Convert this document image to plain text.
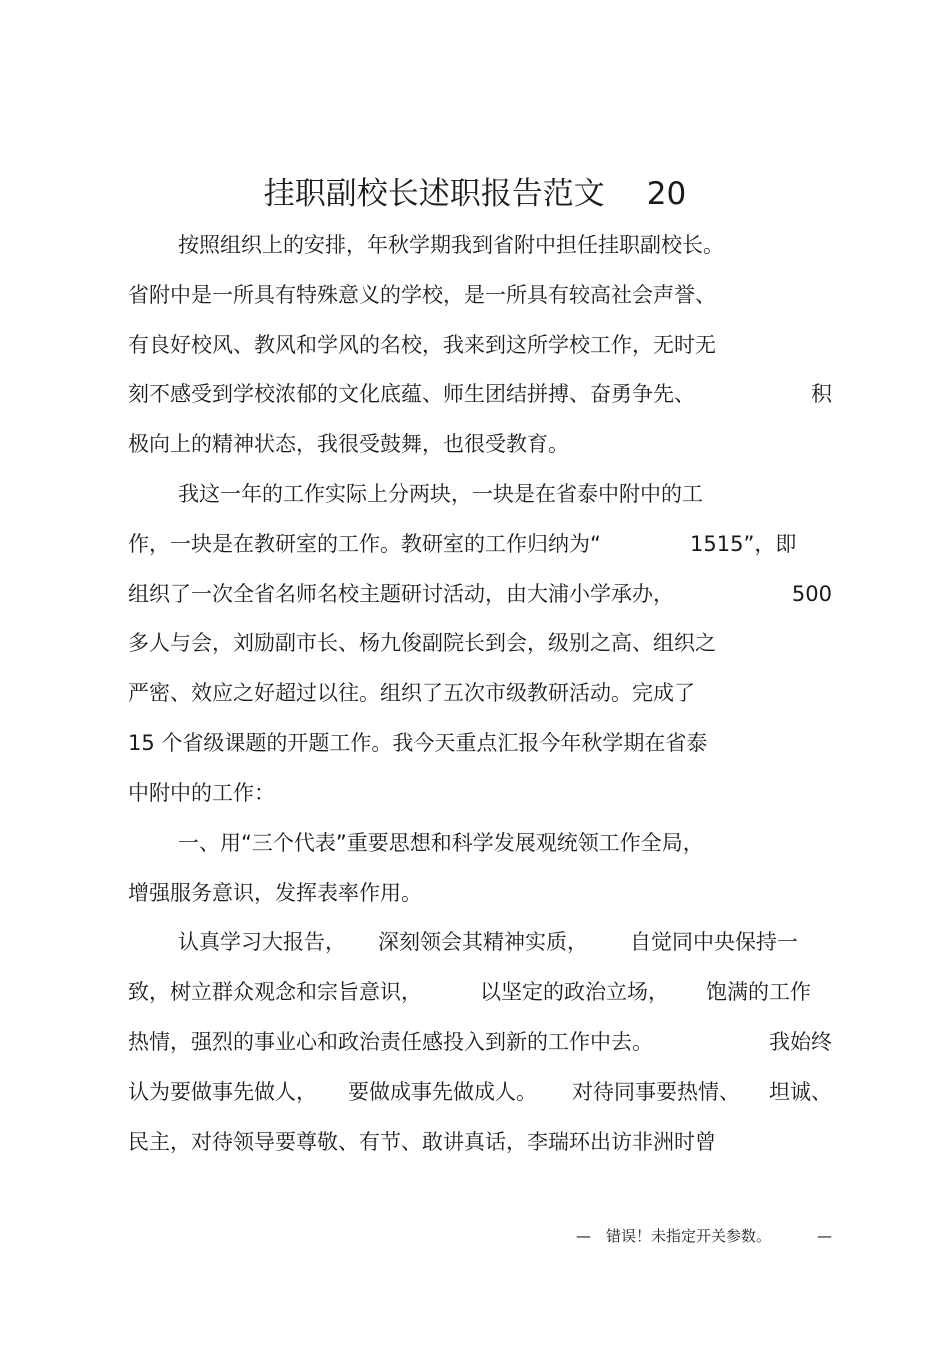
挂职副校长述职报告范文 20
按照组织上的安排，年秋学期我到省附中担任挂职副校长。
省附中是一所具有特殊意义的学校，是一所具有较高社会声誉、
有良好校风、教风和学风的名校，我来到这所学校工作，无时无
刻不感受到学校浓郁的文化底蕴、师生团结拼搏、奋勇争先、	积
极向上的精神状态，我很受鼓舞，也很受教育。
我这一年的工作实际上分两块，一块是在省泰中附中的工
作，一块是在教研室的工作。教研室的工作归纳为“	1515”，即
组织了一次全省名师名校主题研讨活动，由大浦小学承办，	500
多人与会，刘励副市长、杨九俊副院长到会，级别之高、组织之
严密、效应之好超过以往。组织了五次市级教研活动。完成了
15 个省级课题的开题工作。我今天重点汇报今年秋学期在省泰
中附中的工作：
一、用“三个代表”重要思想和科学发展观统领工作全局，
增强服务意识，发挥表率作用。
认真学习大报告， 深刻领会其精神实质， 自觉同中央保持一
致，树立群众观念和宗旨意识，	以坚定的政治立场， 饱满的工作
热情，强烈的事业心和政治责任感投入到新的工作中去。	我始终
认为要做事先做人， 要做成事先做成人。 对待同事要热情、 坦诚、
民主，对待领导要尊敬、有节、敢讲真话，李瑞环出访非洲时曾
— 错误！未指定开关参数。	—
